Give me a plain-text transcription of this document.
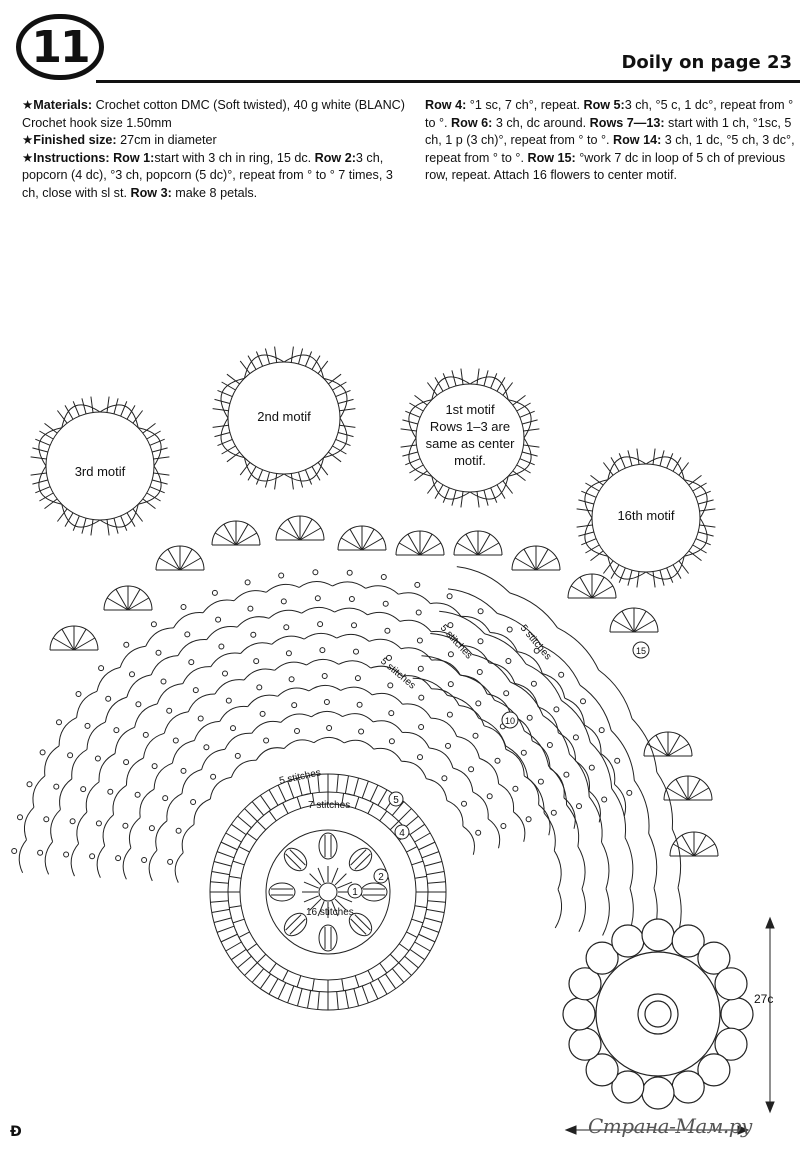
11	Doily on page 23

★Materials: Crochet cotton DMC (Soft twisted), 40 g white (BLANC) Crochet hook size 1.50mm

★Finished size: 27cm in diameter

★Instructions: Row 1:start with 3 ch in ring, 15 dc. Row 2:3 ch, popcorn (4 dc), °3 ch, popcorn (5 dc)°, repeat from ° to ° 7 times, 3 ch, close with sl st. Row 3: make 8 petals.

Row 4: °1 sc, 7 ch°, repeat. Row 5:3 ch, °5 c, 1 dc°, repeat from ° to °. Row 6: 3 ch, dc around. Rows 7—13: start with 1 ch, °1sc, 5 ch, 1 p (3 ch)°, repeat from ° to °. Row 14: 3 ch, 1 dc, °5 ch, 3 dc°, repeat from ° to °. Row 15: °work 7 dc in loop of 5 ch of previous row, repeat. Attach 16 flowers to center motif.

3rd motif
2nd motif	1st motif
Rows 1–3 are
same as center
motif.
16th motif
5 stitches
7 stitches
16 stitches
5 stitches
5 stitches	5 stitches
1
2
4
5
10
15
27c
Ð	Страна-Мам.ру
